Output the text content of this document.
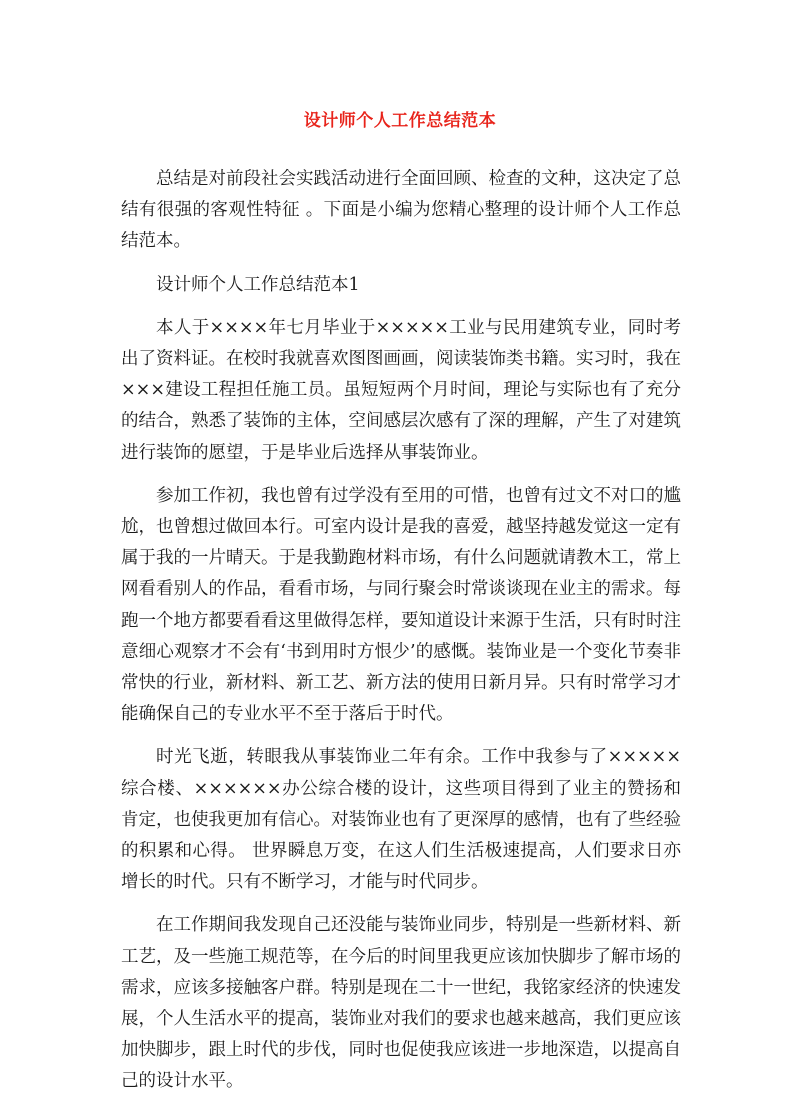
设计师个人工作总结范本

总结是对前段社会实践活动进行全面回顾、检查的文种，这决定了总结有很强的客观性特征 。下面是小编为您精心整理的设计师个人工作总结范本。

设计师个人工作总结范本1

本人于××××年七月毕业于×××××工业与民用建筑专业，同时考出了资料证。在校时我就喜欢图图画画，阅读装饰类书籍。实习时，我在×××建设工程担任施工员。虽短短两个月时间，理论与实际也有了充分的结合，熟悉了装饰的主体，空间感层次感有了深的理解，产生了对建筑进行装饰的愿望，于是毕业后选择从事装饰业。

参加工作初，我也曾有过学没有至用的可惜，也曾有过文不对口的尴尬，也曾想过做回本行。可室内设计是我的喜爱，越坚持越发觉这一定有属于我的一片晴天。于是我勤跑材料市场，有什么问题就请教木工，常上网看看别人的作品，看看市场，与同行聚会时常谈谈现在业主的需求。每跑一个地方都要看看这里做得怎样，要知道设计来源于生活，只有时时注意细心观察才不会有‘书到用时方恨少’的感慨。装饰业是一个变化节奏非常快的行业，新材料、新工艺、新方法的使用日新月异。只有时常学习才能确保自己的专业水平不至于落后于时代。

时光飞逝，转眼我从事装饰业二年有余。工作中我参与了×××××综合楼、××××××办公综合楼的设计，这些项目得到了业主的赞扬和肯定，也使我更加有信心。对装饰业也有了更深厚的感情，也有了些经验的积累和心得。 世界瞬息万变，在这人们生活极速提高，人们要求日亦增长的时代。只有不断学习，才能与时代同步。

在工作期间我发现自己还没能与装饰业同步，特别是一些新材料、新工艺，及一些施工规范等，在今后的时间里我更应该加快脚步了解市场的需求，应该多接触客户群。特别是现在二十一世纪，我铭家经济的快速发展，个人生活水平的提高，装饰业对我们的要求也越来越高，我们更应该加快脚步，跟上时代的步伐，同时也促使我应该进一步地深造，以提高自己的设计水平。
